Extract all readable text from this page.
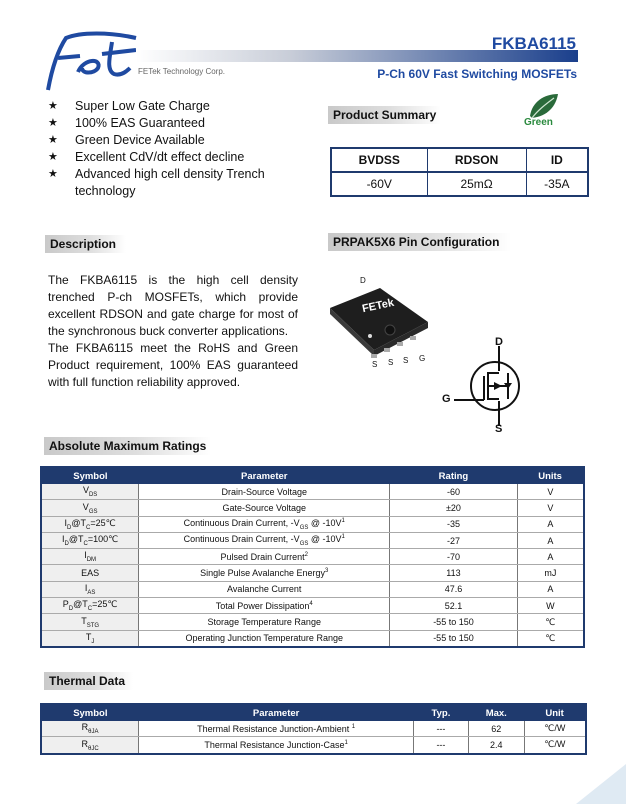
FETek Technology Corp.
FKBA6115
P-Ch 60V Fast Switching MOSFETs
★ Super Low Gate Charge
★ 100% EAS Guaranteed
★ Green Device Available
★ Excellent CdV/dt effect decline
★ Advanced high cell density Trench technology
Product Summary
Green
BVDSS	RDSON	ID
-60V	25mΩ	-35A
Description

The FKBA6115 is the high cell density trenched P-ch MOSFETs, which provide excellent RDSON and gate charge for most of the synchronous buck converter applications.

The FKBA6115 meet the RoHS and Green Product requirement, 100% EAS guaranteed with full function reliability approved.

PRPAK5X6 Pin Configuration
D
FETek
S S S G
D
G
S
Absolute Maximum Ratings
Symbol	Parameter	Rating	Units
$V_{DS}$	Drain-Source Voltage	-60	V
$V_{GS}$	Gate-Source Voltage	±20	V
$I_D@T_C=25℃$	Continuous Drain Current, $-V_{GS}$ @ $-10V^1$	-35	A
$I_D@T_C=100℃$	Continuous Drain Current, $-V_{GS}$ @ $-10V^1$	-27	A
$I_{DM}$	Pulsed Drain Current$^2$	-70	A
EAS	Single Pulse Avalanche Energy$^3$	113	mJ
$I_{AS}$	Avalanche Current	47.6	A
$P_D@T_C=25℃$	Total Power Dissipation$^4$	52.1	W
$T_{STG}$	Storage Temperature Range	-55 to 150	℃
$T_J$	Operating Junction Temperature Range	-55 to 150	℃
Thermal Data
Symbol	Parameter	Typ.	Max.	Unit
$R_{\theta JA}$	Thermal Resistance Junction-Ambient $^1$	---	62	℃/W
$R_{\theta JC}$	Thermal Resistance Junction-Case$^1$	---	2.4	℃/W
